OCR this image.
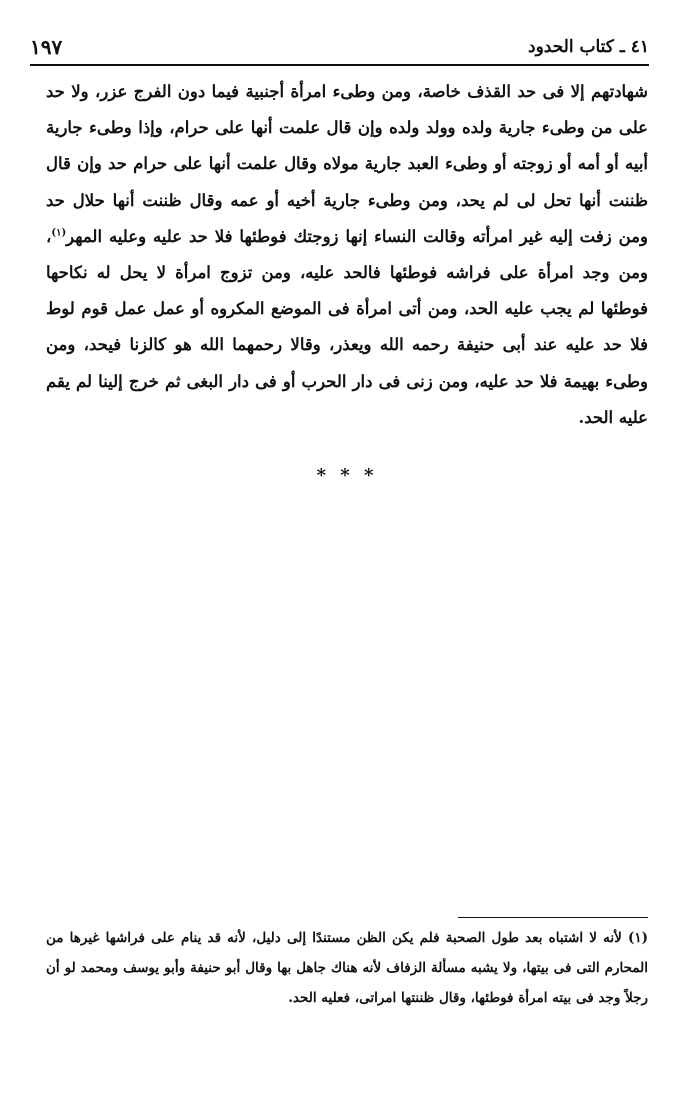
٤١ ـ كتاب الحدود
١٩٧
شهادتهم إلا فى حد القذف خاصة، ومن وطىء امرأة أجنبية فيما دون الفرج عزر، ولا حد على من وطىء جارية ولده وولد ولده وإن قال علمت أنها على حرام، وإذا وطىء جارية أبيه أو أمه أو زوجته أو وطىء العبد جارية مولاه وقال علمت أنها على حرام حد وإن قال ظننت أنها تحل لى لم يحد، ومن وطىء جارية أخيه أو عمه وقال ظننت أنها حلال حد ومن زفت إليه غير امرأته وقالت النساء إنها زوجتك فوطئها فلا حد عليه وعليه المهر$^{(١)}$، ومن وجد امرأة على فراشه فوطئها فالحد عليه، ومن تزوج امرأة لا يحل له نكاحها فوطئها لم يجب عليه الحد، ومن أتى امرأة فى الموضع المكروه أو عمل عمل قوم لوط فلا حد عليه عند أبى حنيفة رحمه الله ويعذر، وقالا رحمهما الله هو كالزنا فيحد، ومن وطىء بهيمة فلا حد عليه، ومن زنى فى دار الحرب أو فى دار البغى ثم خرج إلينا لم يقم عليه الحد.
* * *
(١) لأنه لا اشتباه بعد طول الصحبة فلم يكن الظن مستندًا إلى دليل، لأنه قد ينام على فراشها غيرها من المحارم التى فى بيتها، ولا يشبه مسألة الزفاف لأنه هناك جاهل بها وقال أبو حنيفة وأبو يوسف ومحمد لو أن رجلاً وجد فى بيته امرأة فوطئها، وقال ظننتها امراتى، فعليه الحد.
